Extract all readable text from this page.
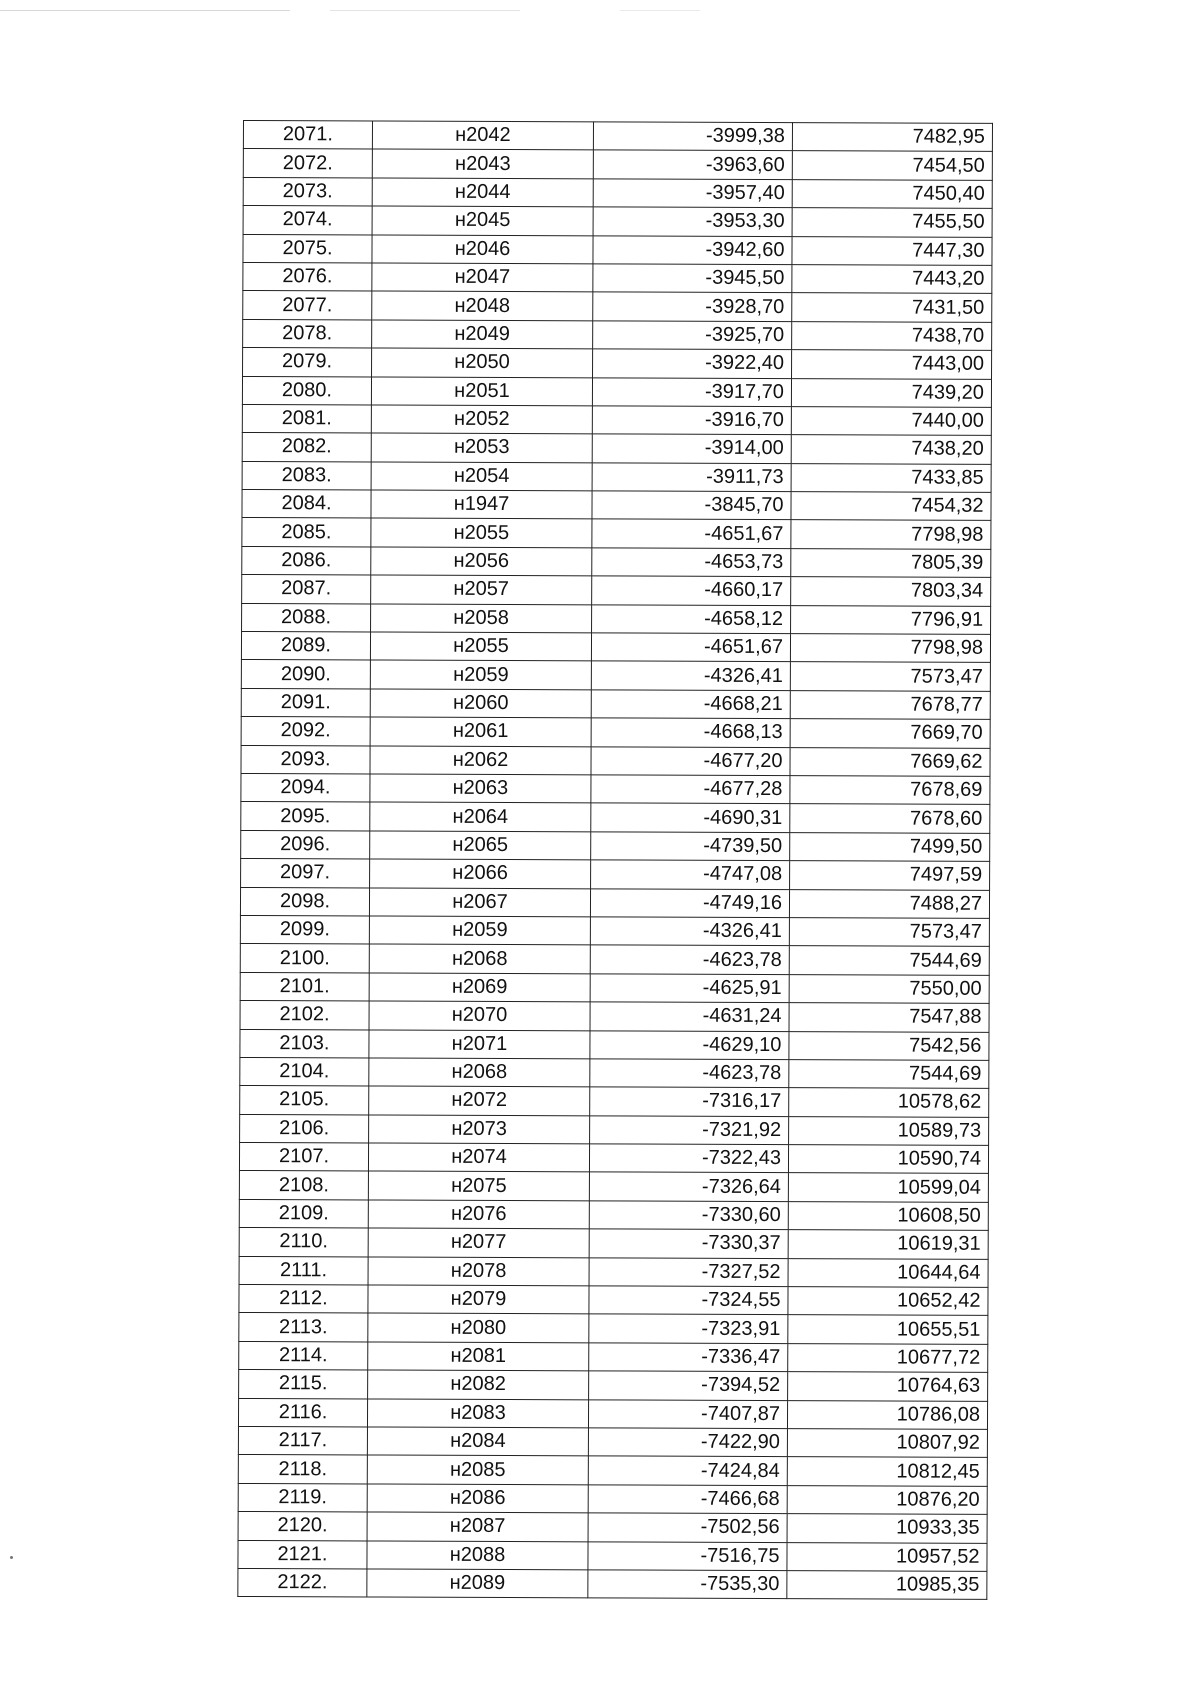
2071.	н2042	-3999,38	7482,95
2072.	н2043	-3963,60	7454,50
2073.	н2044	-3957,40	7450,40
2074.	н2045	-3953,30	7455,50
2075.	н2046	-3942,60	7447,30
2076.	н2047	-3945,50	7443,20
2077.	н2048	-3928,70	7431,50
2078.	н2049	-3925,70	7438,70
2079.	н2050	-3922,40	7443,00
2080.	н2051	-3917,70	7439,20
2081.	н2052	-3916,70	7440,00
2082.	н2053	-3914,00	7438,20
2083.	н2054	-3911,73	7433,85
2084.	н1947	-3845,70	7454,32
2085.	н2055	-4651,67	7798,98
2086.	н2056	-4653,73	7805,39
2087.	н2057	-4660,17	7803,34
2088.	н2058	-4658,12	7796,91
2089.	н2055	-4651,67	7798,98
2090.	н2059	-4326,41	7573,47
2091.	н2060	-4668,21	7678,77
2092.	н2061	-4668,13	7669,70
2093.	н2062	-4677,20	7669,62
2094.	н2063	-4677,28	7678,69
2095.	н2064	-4690,31	7678,60
2096.	н2065	-4739,50	7499,50
2097.	н2066	-4747,08	7497,59
2098.	н2067	-4749,16	7488,27
2099.	н2059	-4326,41	7573,47
2100.	н2068	-4623,78	7544,69
2101.	н2069	-4625,91	7550,00
2102.	н2070	-4631,24	7547,88
2103.	н2071	-4629,10	7542,56
2104.	н2068	-4623,78	7544,69
2105.	н2072	-7316,17	10578,62
2106.	н2073	-7321,92	10589,73
2107.	н2074	-7322,43	10590,74
2108.	н2075	-7326,64	10599,04
2109.	н2076	-7330,60	10608,50
2110.	н2077	-7330,37	10619,31
2111.	н2078	-7327,52	10644,64
2112.	н2079	-7324,55	10652,42
2113.	н2080	-7323,91	10655,51
2114.	н2081	-7336,47	10677,72
2115.	н2082	-7394,52	10764,63
2116.	н2083	-7407,87	10786,08
2117.	н2084	-7422,90	10807,92
2118.	н2085	-7424,84	10812,45
2119.	н2086	-7466,68	10876,20
2120.	н2087	-7502,56	10933,35
2121.	н2088	-7516,75	10957,52
2122.	н2089	-7535,30	10985,35
